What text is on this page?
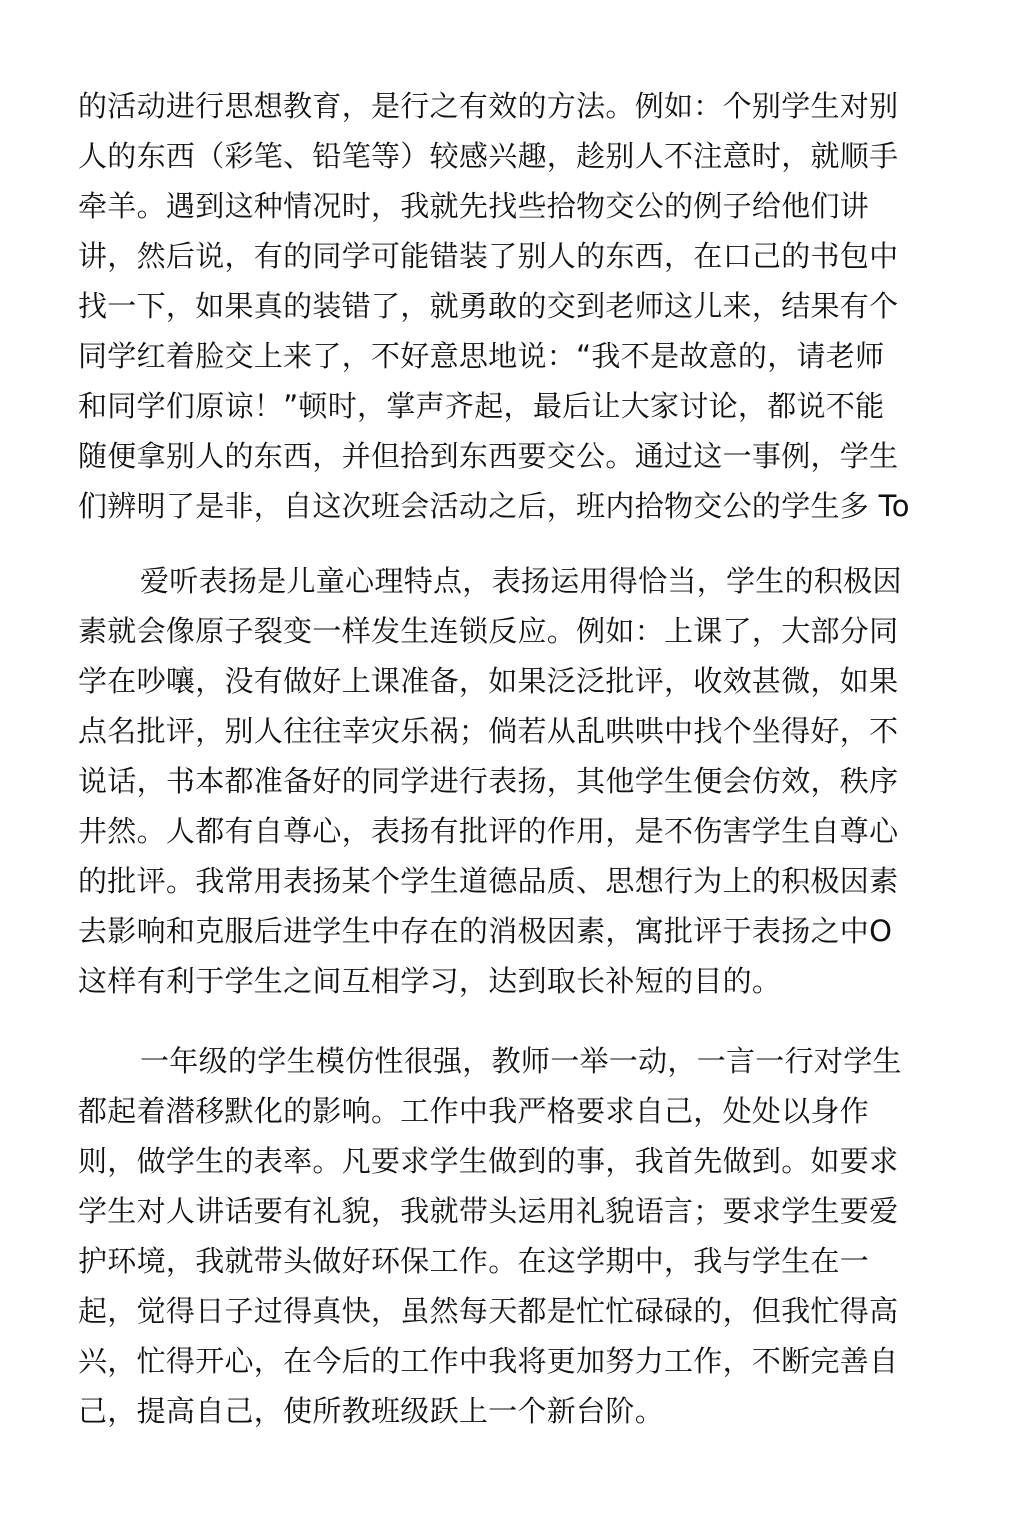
的活动进行思想教育，是行之有效的方法。例如：个别学生对别
人的东西（彩笔、铅笔等）较感兴趣，趁别人不注意时，就顺手
牵羊。遇到这种情况时，我就先找些拾物交公的例子给他们讲
讲，然后说，有的同学可能错装了别人的东西，在口己的书包中
找一下，如果真的装错了，就勇敢的交到老师这儿来，结果有个
同学红着脸交上来了，不好意思地说：“我不是故意的，请老师
和同学们原谅！”顿时，掌声齐起，最后让大家讨论，都说不能
随便拿别人的东西，并但拾到东西要交公。通过这一事例，学生
们辨明了是非，自这次班会活动之后，班内拾物交公的学生多 To
爱听表扬是儿童心理特点，表扬运用得恰当，学生的积极因
素就会像原子裂变一样发生连锁反应。例如：上课了，大部分同
学在吵嚷，没有做好上课准备，如果泛泛批评，收效甚微，如果
点名批评，别人往往幸灾乐祸；倘若从乱哄哄中找个坐得好，不
说话，书本都准备好的同学进行表扬，其他学生便会仿效，秩序
井然。人都有自尊心，表扬有批评的作用，是不伤害学生自尊心
的批评。我常用表扬某个学生道德品质、思想行为上的积极因素
去影响和克服后进学生中存在的消极因素，寓批评于表扬之中O
这样有利于学生之间互相学习，达到取长补短的目的。
一年级的学生模仿性很强，教师一举一动，一言一行对学生
都起着潜移默化的影响。工作中我严格要求自己，处处以身作
则，做学生的表率。凡要求学生做到的事，我首先做到。如要求
学生对人讲话要有礼貌，我就带头运用礼貌语言；要求学生要爱
护环境，我就带头做好环保工作。在这学期中，我与学生在一
起，觉得日子过得真快，虽然每天都是忙忙碌碌的，但我忙得高
兴，忙得开心，在今后的工作中我将更加努力工作，不断完善自
己，提高自己，使所教班级跃上一个新台阶。
